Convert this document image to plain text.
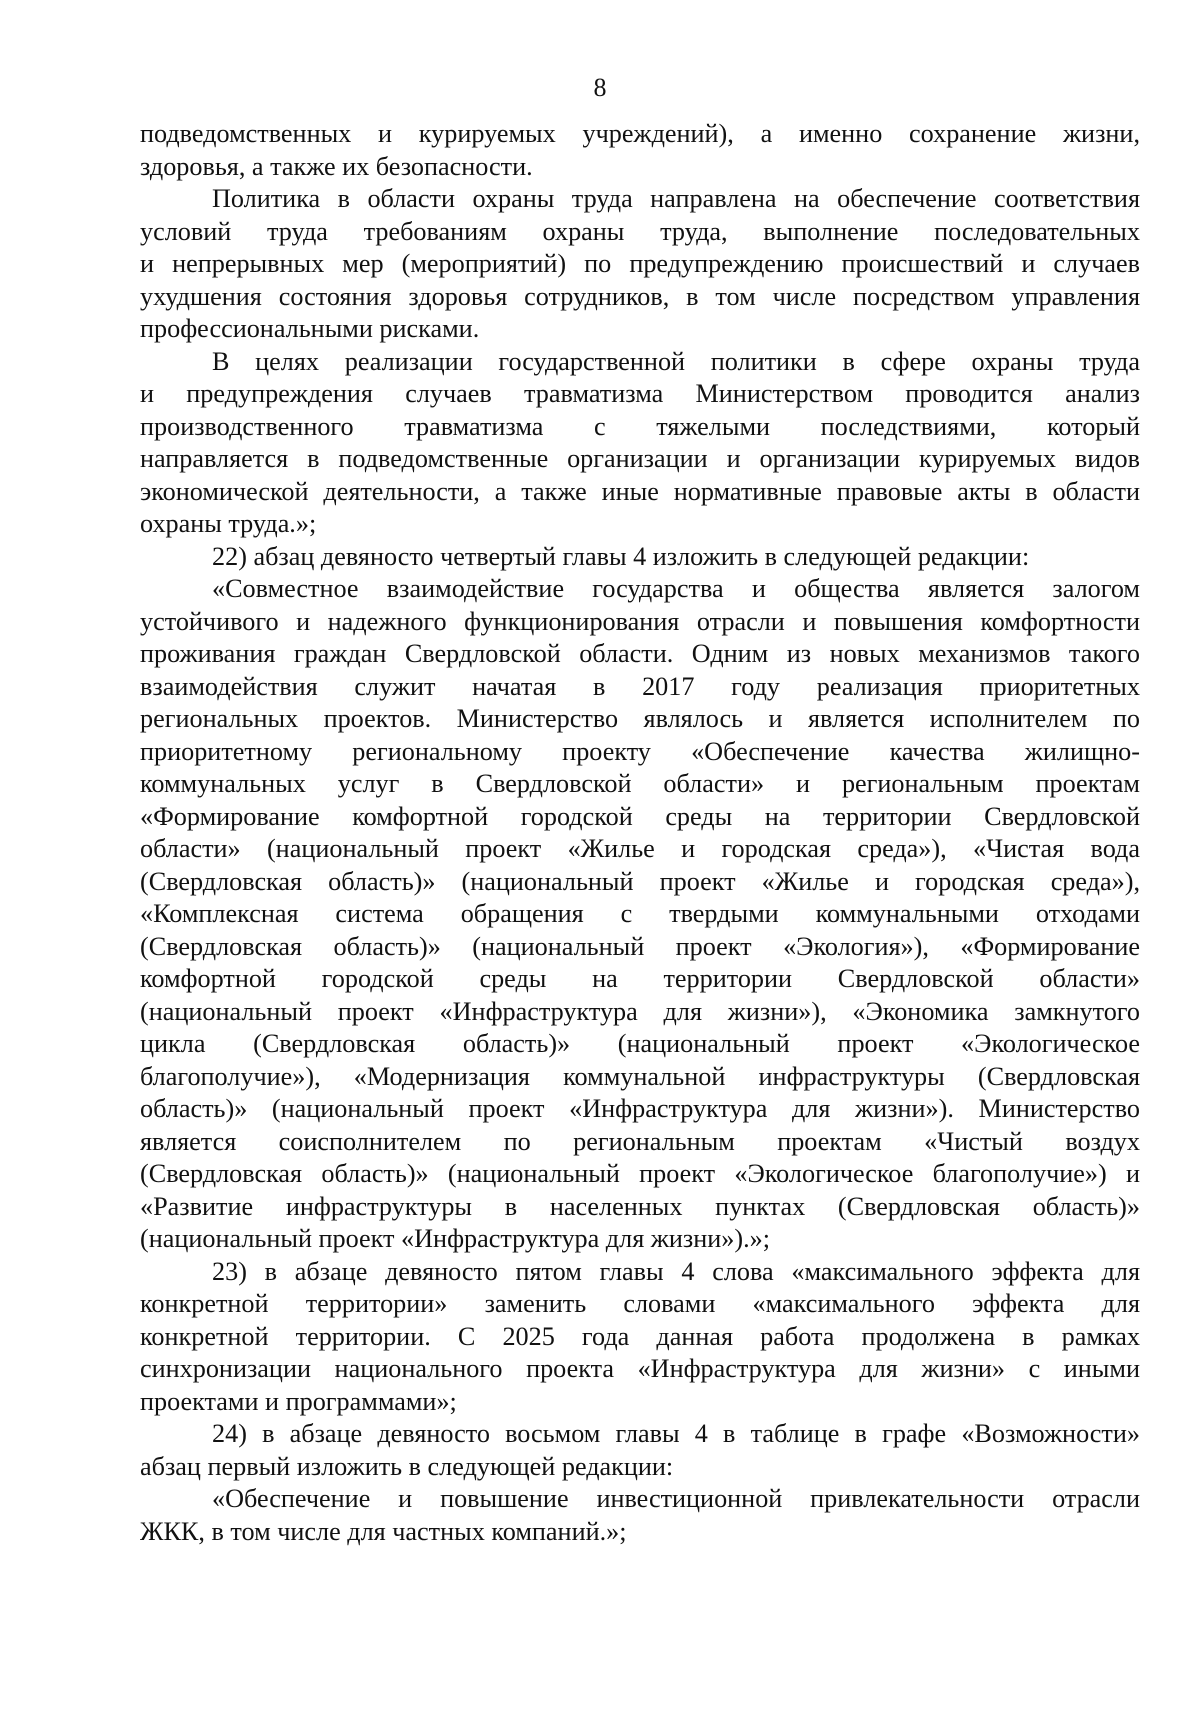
8
подведомственных и курируемых учреждений), а именно сохранение жизни,
здоровья, а также их безопасности.
Политика в области охраны труда направлена на обеспечение соответствия
условий труда требованиям охраны труда, выполнение последовательных
и непрерывных мер (мероприятий) по предупреждению происшествий и случаев
ухудшения состояния здоровья сотрудников, в том числе посредством управления
профессиональными рисками.
В целях реализации государственной политики в сфере охраны труда
и предупреждения случаев травматизма Министерством проводится анализ
производственного травматизма с тяжелыми последствиями, который
направляется в подведомственные организации и организации курируемых видов
экономической деятельности, а также иные нормативные правовые акты в области
охраны труда.»;
22) абзац девяносто четвертый главы 4 изложить в следующей редакции:
«Совместное взаимодействие государства и общества является залогом
устойчивого и надежного функционирования отрасли и повышения комфортности
проживания граждан Свердловской области. Одним из новых механизмов такого
взаимодействия служит начатая в 2017 году реализация приоритетных
региональных проектов. Министерство являлось и является исполнителем по
приоритетному региональному проекту «Обеспечение качества жилищно-
коммунальных услуг в Свердловской области» и региональным проектам
«Формирование комфортной городской среды на территории Свердловской
области» (национальный проект «Жилье и городская среда»), «Чистая вода
(Свердловская область)» (национальный проект «Жилье и городская среда»),
«Комплексная система обращения с твердыми коммунальными отходами
(Свердловская область)» (национальный проект «Экология»), «Формирование
комфортной городской среды на территории Свердловской области»
(национальный проект «Инфраструктура для жизни»), «Экономика замкнутого
цикла (Свердловская область)» (национальный проект «Экологическое
благополучие»), «Модернизация коммунальной инфраструктуры (Свердловская
область)» (национальный проект «Инфраструктура для жизни»). Министерство
является соисполнителем по региональным проектам «Чистый воздух
(Свердловская область)» (национальный проект «Экологическое благополучие») и
«Развитие инфраструктуры в населенных пунктах (Свердловская область)»
(национальный проект «Инфраструктура для жизни»).»;
23) в абзаце девяносто пятом главы 4 слова «максимального эффекта для
конкретной территории» заменить словами «максимального эффекта для
конкретной территории. С 2025 года данная работа продолжена в рамках
синхронизации национального проекта «Инфраструктура для жизни» с иными
проектами и программами»;
24) в абзаце девяносто восьмом главы 4 в таблице в графе «Возможности»
абзац первый изложить в следующей редакции:
«Обеспечение и повышение инвестиционной привлекательности отрасли
ЖКК, в том числе для частных компаний.»;
